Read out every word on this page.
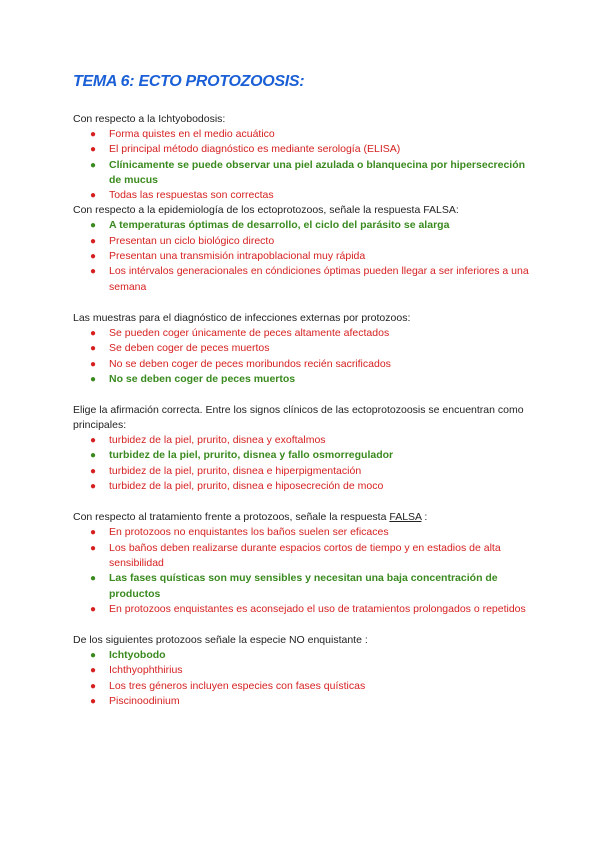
TEMA 6: ECTO PROTOZOOSIS:

Con respecto a la Ichtyobodosis:

● Forma quistes en el medio acuático
● El principal método diagnóstico es mediante serología (ELISA)
● Clínicamente se puede observar una piel azulada o blanquecina por hipersecreción de mucus
● Todas las respuestas son correctas

Con respecto a la epidemiología de los ectoprotozoos, señale la respuesta FALSA:

● A temperaturas óptimas de desarrollo, el ciclo del parásito se alarga
● Presentan un ciclo biológico directo
● Presentan una transmisión intrapoblacional muy rápida
● Los intérvalos generacionales en cóndiciones óptimas pueden llegar a ser inferiores a una semana

Las muestras para el diagnóstico de infecciones externas por protozoos:

● Se pueden coger únicamente de peces altamente afectados
● Se deben coger de peces muertos
● No se deben coger de peces moribundos recién sacrificados
● No se deben coger de peces muertos

Elige la afirmación correcta. Entre los signos clínicos de las ectoprotozoosis se encuentran como principales:

● turbidez de la piel, prurito, disnea y exoftalmos
● turbidez de la piel, prurito, disnea y fallo osmorregulador
● turbidez de la piel, prurito, disnea e hiperpigmentación
● turbidez de la piel, prurito, disnea e hiposecreción de moco

Con respecto al tratamiento frente a protozoos, señale la respuesta FALSA :

● En protozoos no enquistantes los baños suelen ser eficaces
● Los baños deben realizarse durante espacios cortos de tiempo y en estadios de alta sensibilidad
● Las fases quísticas son muy sensibles y necesitan una baja concentración de productos
● En protozoos enquistantes es aconsejado el uso de tratamientos prolongados o repetidos

De los siguientes protozoos señale la especie NO enquistante :

● Ichtyobodo
● Ichthyophthirius
● Los tres géneros incluyen especies con fases quísticas
● Piscinoodinium
